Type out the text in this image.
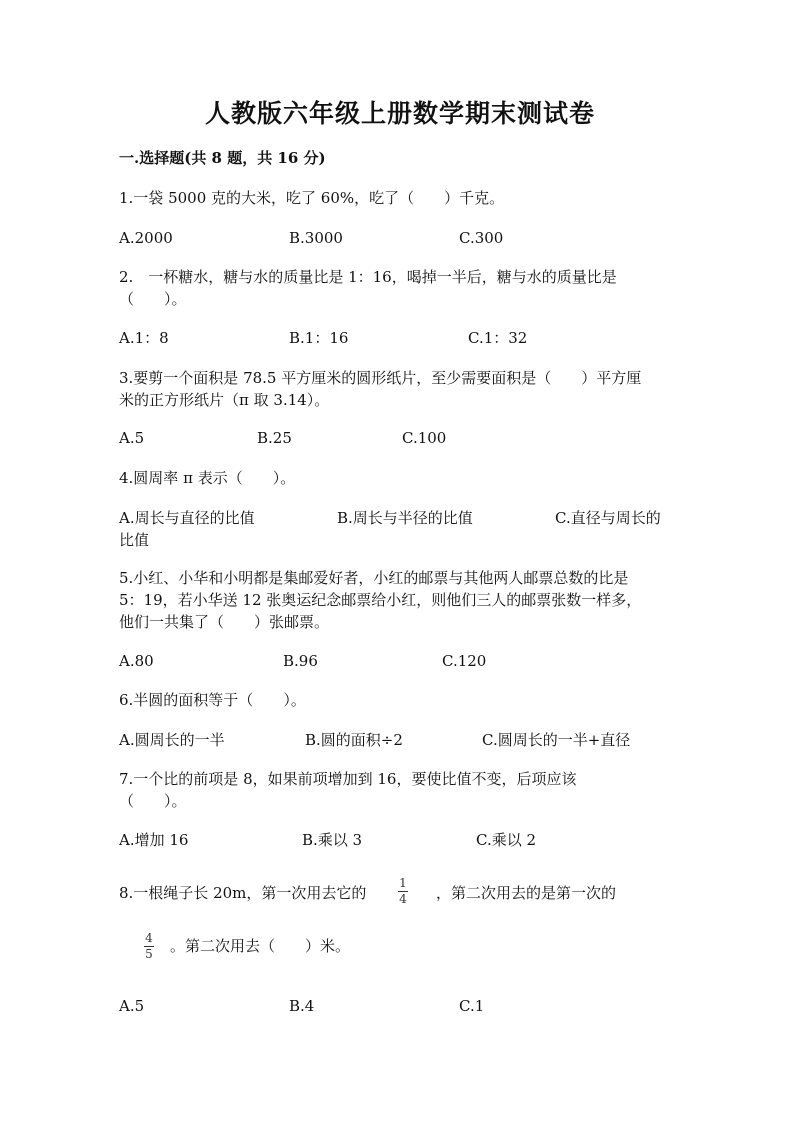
人教版六年级上册数学期末测试卷
一.选择题(共 8 题，共 16 分)
1.一袋 5000 克的大米，吃了 60%，吃了（　　）千克。
A.2000	B.3000	C.300
2.　一杯糖水，糖与水的质量比是 1：16，喝掉一半后，糖与水的质量比是
（　　）。
A.1：8	B.1：16	C.1：32
3.要剪一个面积是 78.5 平方厘米的圆形纸片，至少需要面积是（　　）平方厘
米的正方形纸片（π 取 3.14）。
A.5	B.25	C.100
4.圆周率 π 表示（　　）。
A.周长与直径的比值	B.周长与半径的比值	C.直径与周长的
比值
5.小红、小华和小明都是集邮爱好者，小红的邮票与其他两人邮票总数的比是
5：19，若小华送 12 张奥运纪念邮票给小红，则他们三人的邮票张数一样多，
他们一共集了（　　）张邮票。
A.80	B.96	C.120
6.半圆的面积等于（　　）。
A.圆周长的一半	B.圆的面积÷2	C.圆周长的一半+直径
7.一个比的前项是 8，如果前项增加到 16，要使比值不变，后项应该
（　　）。
A.增加 16	B.乘以 3	C.乘以 2
8.一根绳子长 20m，第一次用去它的
1
4 ，第二次用去的是第一次的
4
5 。第二次用去（　　）米。
A.5	B.4	C.1
